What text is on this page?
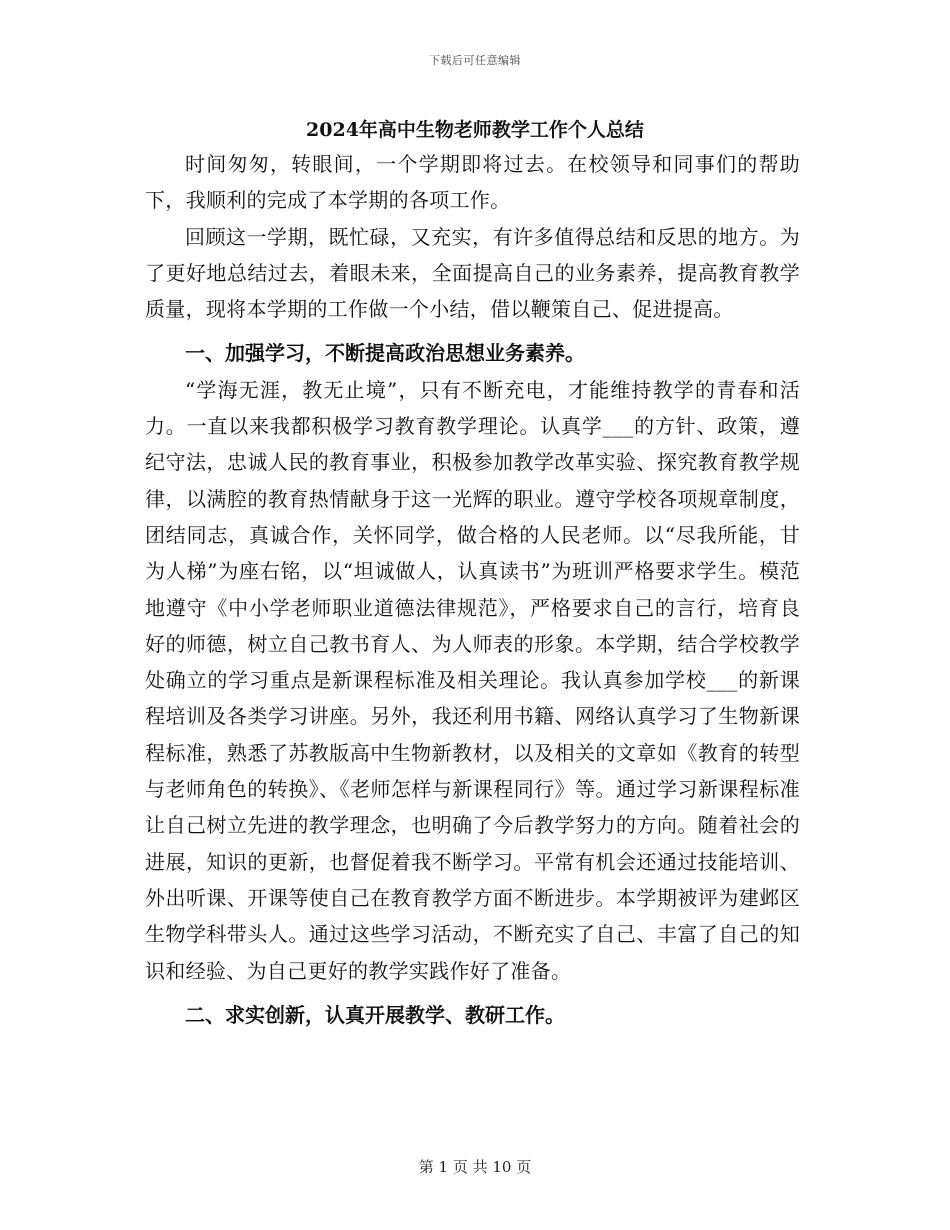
下载后可任意编辑
2024年高中生物老师教学工作个人总结

时间匆匆，转眼间，一个学期即将过去。在校领导和同事们的帮助下，我顺利的完成了本学期的各项工作。

回顾这一学期，既忙碌，又充实，有许多值得总结和反思的地方。为了更好地总结过去，着眼未来，全面提高自己的业务素养，提高教育教学质量，现将本学期的工作做一个小结，借以鞭策自己、促进提高。

一、加强学习，不断提高政治思想业务素养。

“学海无涯，教无止境”，只有不断充电，才能维持教学的青春和活力。一直以来我都积极学习教育教学理论。认真学___的方针、政策，遵纪守法，忠诚人民的教育事业，积极参加教学改革实验、探究教育教学规律，以满腔的教育热情献身于这一光辉的职业。遵守学校各项规章制度，团结同志，真诚合作，关怀同学，做合格的人民老师。以“尽我所能，甘为人梯”为座右铭，以“坦诚做人，认真读书”为班训严格要求学生。模范地遵守《中小学老师职业道德法律规范》，严格要求自己的言行，培育良好的师德，树立自己教书育人、为人师表的形象。本学期，结合学校教学处确立的学习重点是新课程标准及相关理论。我认真参加学校___的新课程培训及各类学习讲座。另外，我还利用书籍、网络认真学习了生物新课程标准，熟悉了苏教版高中生物新教材，以及相关的文章如《教育的转型与老师角色的转换》、《老师怎样与新课程同行》等。通过学习新课程标准让自己树立先进的教学理念，也明确了今后教学努力的方向。随着社会的进展，知识的更新，也督促着我不断学习。平常有机会还通过技能培训、外出听课、开课等使自己在教育教学方面不断进步。本学期被评为建邺区生物学科带头人。通过这些学习活动，不断充实了自己、丰富了自己的知识和经验、为自己更好的教学实践作好了准备。

二、求实创新，认真开展教学、教研工作。

第 1 页 共 10 页
